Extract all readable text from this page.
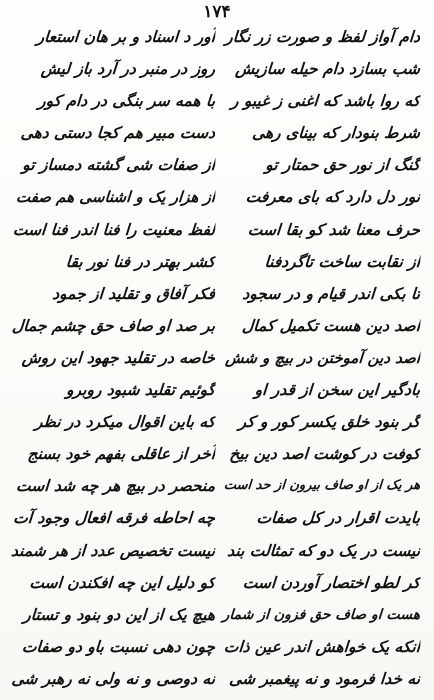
۱۷۴
دام آواز لفظ و صورت زر نگار
شب بسازد دام حیله سازیش
که روا باشد که اغنی ز غیبو ر
شرط بنودار که بینای رهی
گنگ از نور حق حمتار تو
نور دل دارد که بای معرفت
حرف معنا شد کو بقا است
از نقابت ساخت تاگردفنا
تا بکی اندر قیام و در سجود
اصد دین هست تکمیل کمال
اصد دین آموختن در بیچ و شش
بادگیر این سخن از قدر او
گر بنود خلق یکسر کور و کر
کوفت در کوشت اصد دین بیخ
هر یک از او صاف بیرون از حد است
بایدت اقرار در کل صفات
نیست در یک دو که تمثالت بند
کر لطو اختصار آوردن است
هست او صاف حق فزون از شمار
انکه یک خواهش اندر عین ذات
نه خدا فرمود و نه پیغمبر شی
آور د اسناد و بر هان استعار
روز در منبر در آرد باز لیش
با همه سر بنگی در دام کور
دست مبیر هم کجا دستی دهی
از صفات شی گشته دمساز تو
از هزار یک و اشناسی هم صفت
لفظ معنیت را فنا اندر فنا است
کشر بهتر در فنا نور بقا
فکر آفاق و تقلید از جمود
بر صد او صاف حق چشم جمال
خاصه در تقلید جهود این روش
گوئیم تقلید شبود روبرو
که باین اقوال میکرد در نظر
آخر از عاقلی بفهم خود بسنج
منحصر در بیچ هر چه شد است
چه احاطه فرقه افعال وجود آت
نیست تخصیص عدد از هر شمند
کو دلیل این چه افکندن است
هیچ یک از این دو بنود و تستار
چون دهی نسبت باو دو صفات
نه دوصی و نه ولی نه رهبر شی
